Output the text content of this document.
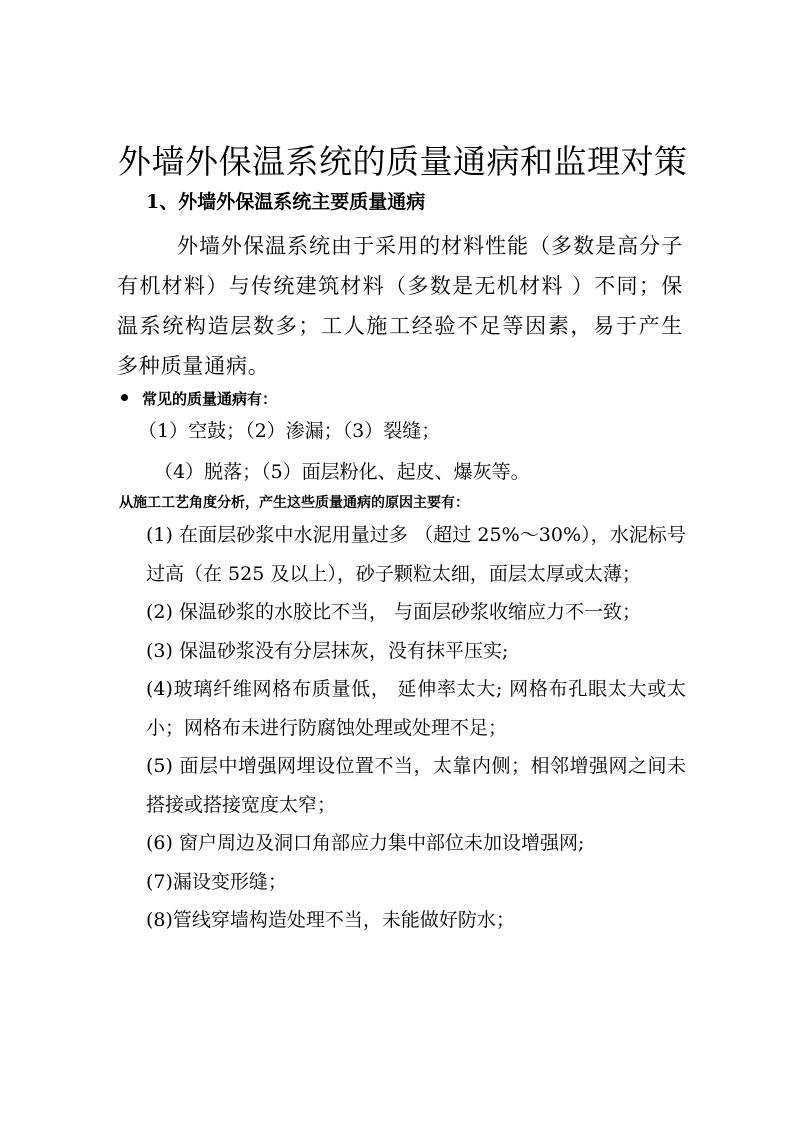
外墙外保温系统的质量通病和监理对策
1、外墙外保温系统主要质量通病

外墙外保温系统由于采用的材料性能（多数是高分子有机材料）与传统建筑材料（多数是无机材料 ）不同；保温系统构造层数多；工人施工经验不足等因素，易于产生多种质量通病。

常见的质量通病有：
（1）空鼓；（2）渗漏；（3）裂缝；
（4）脱落；（5）面层粉化、起皮、爆灰等。
从施工工艺角度分析，产生这些质量通病的原因主要有：
(1) 在面层砂浆中水泥用量过多 （超过 25%～30%），水泥标号过高（在 525 及以上），砂子颗粒太细，面层太厚或太薄；
(2) 保温砂浆的水胶比不当， 与面层砂浆收缩应力不一致；
(3) 保温砂浆没有分层抹灰，没有抹平压实;
(4)玻璃纤维网格布质量低， 延伸率太大; 网格布孔眼太大或太小；网格布未进行防腐蚀处理或处理不足；
(5) 面层中增强网埋设位置不当，太靠内侧；相邻增强网之间未搭接或搭接宽度太窄；
(6) 窗户周边及洞口角部应力集中部位未加设增强网;
(7)漏设变形缝；
(8)管线穿墙构造处理不当，未能做好防水；
